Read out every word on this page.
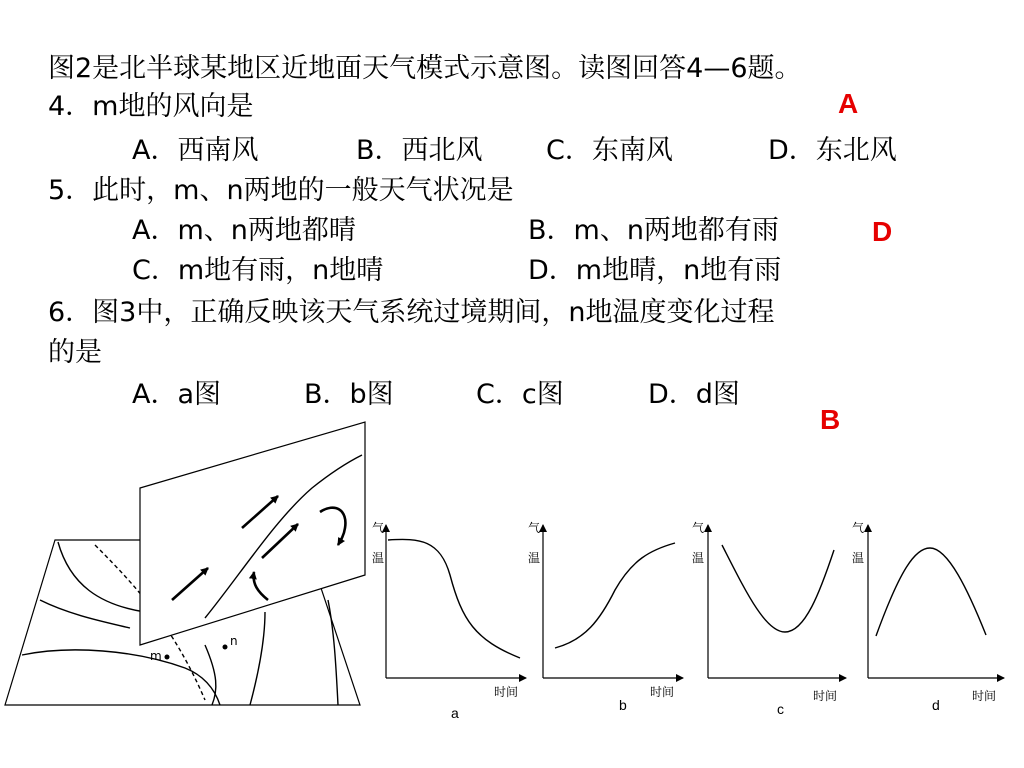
图2是北半球某地区近地面天气模式示意图。读图回答4—6题。
4．m地的风向是	A
A．西南风	B．西北风 C．东南风	D．东北风
5．此时，m、n两地的一般天气状况是
A．m、n两地都晴	B．m、n两地都有雨	D
C．m地有雨，n地晴	D．m地晴，n地有雨
6．图3中，正确反映该天气系统过境期间，n地温度变化过程
的是
A．a图	B．b图	C．c图	D．d图
B
m
n
气
温
时间
a
气
温
时间
b
气
温
时间
c
气
温
时间
d
